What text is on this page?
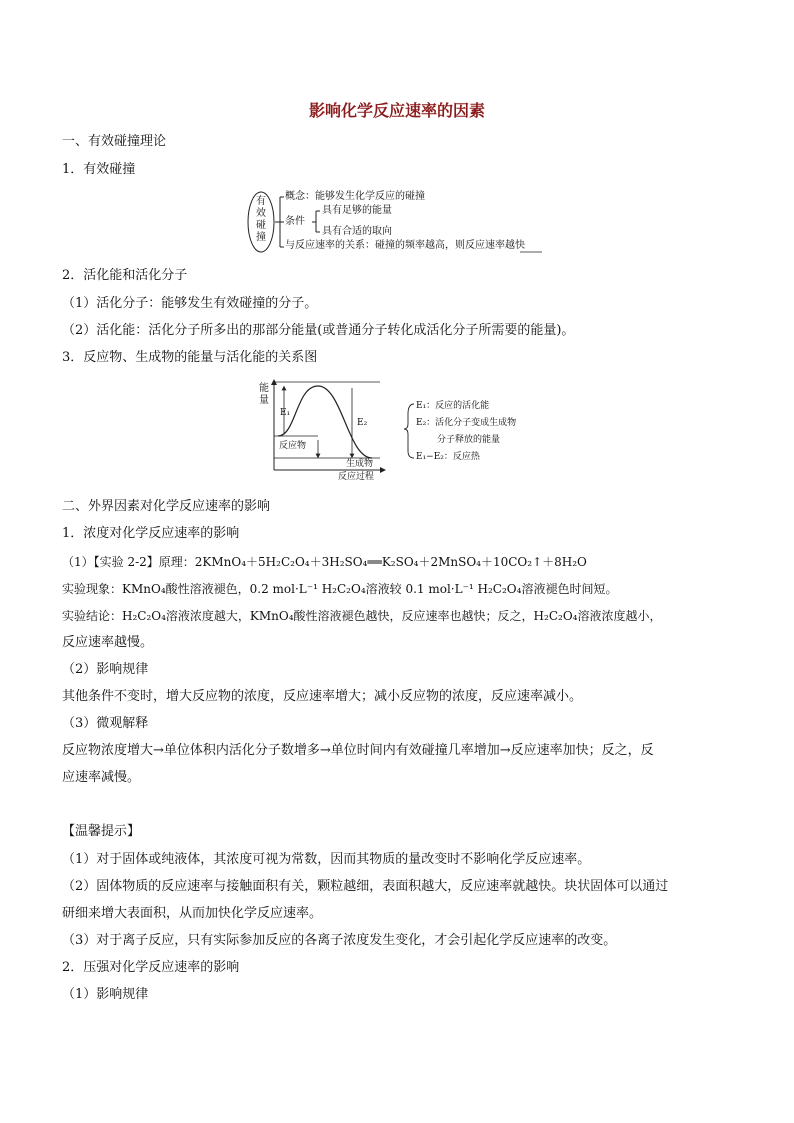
影响化学反应速率的因素
一、有效碰撞理论
1．有效碰撞
有效碰撞
概念：能够发生化学反应的碰撞
条件
具有足够的能量
具有合适的取向
与反应速率的关系：碰撞的频率越高，则反应速率越快
2．活化能和活化分子
（1）活化分子：能够发生有效碰撞的分子。
（2）活化能：活化分子所多出的那部分能量(或普通分子转化成活化分子所需要的能量)。
3．反应物、生成物的能量与活化能的关系图
能量
E₁
E₂
反应物
生成物
反应过程
E₁：反应的活化能
E₂：活化分子变成生成物
分子释放的能量
E₁−E₂：反应热
二、外界因素对化学反应速率的影响
1．浓度对化学反应速率的影响
（1）【实验 2-2】原理：2KMnO₄＋5H₂C₂O₄＋3H₂SO₄══K₂SO₄＋2MnSO₄＋10CO₂↑＋8H₂O
实验现象：KMnO₄酸性溶液褪色，0.2 mol·L⁻¹ H₂C₂O₄溶液较 0.1 mol·L⁻¹ H₂C₂O₄溶液褪色时间短。
实验结论：H₂C₂O₄溶液浓度越大，KMnO₄酸性溶液褪色越快，反应速率也越快；反之，H₂C₂O₄溶液浓度越小，
反应速率越慢。
（2）影响规律
其他条件不变时，增大反应物的浓度，反应速率增大；减小反应物的浓度，反应速率减小。
（3）微观解释
反应物浓度增大→单位体积内活化分子数增多→单位时间内有效碰撞几率增加→反应速率加快；反之，反
应速率减慢。
【温馨提示】
（1）对于固体或纯液体，其浓度可视为常数，因而其物质的量改变时不影响化学反应速率。
（2）固体物质的反应速率与接触面积有关，颗粒越细，表面积越大，反应速率就越快。块状固体可以通过
研细来增大表面积，从而加快化学反应速率。
（3）对于离子反应，只有实际参加反应的各离子浓度发生变化，才会引起化学反应速率的改变。
2．压强对化学反应速率的影响
（1）影响规律
